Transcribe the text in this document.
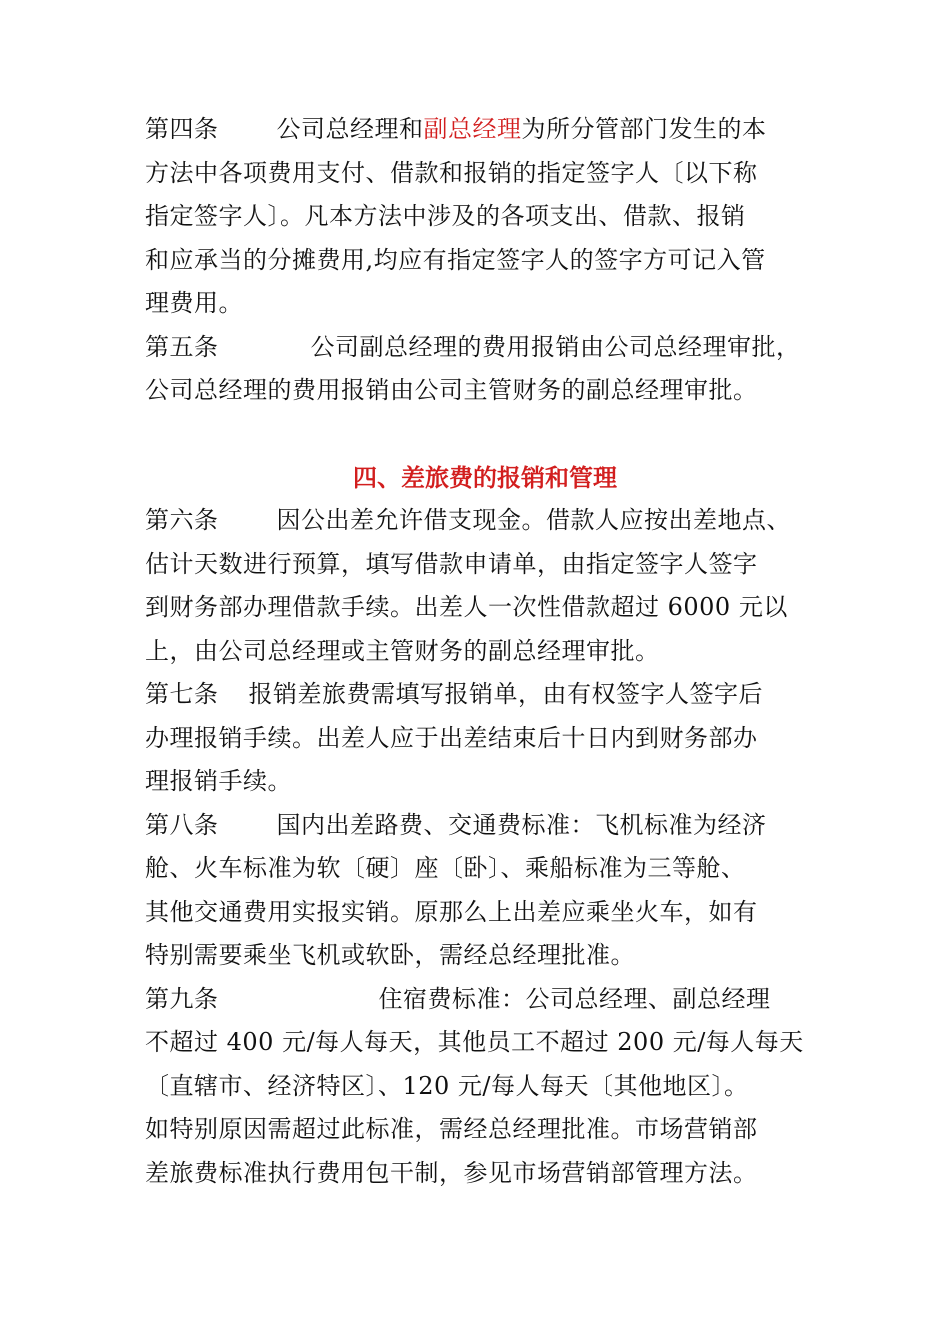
第四条 公司总经理和副总经理为所分管部门发生的本
方法中各项费用支付、借款和报销的指定签字人〔以下称
指定签字人〕。凡本方法中涉及的各项支出、借款、报销
和应承当的分摊费用,均应有指定签字人的签字方可记入管
理费用。
第五条	公司副总经理的费用报销由公司总经理审批，
公司总经理的费用报销由公司主管财务的副总经理审批。
四、差旅费的报销和管理
第六条 因公出差允许借支现金。借款人应按出差地点、
估计天数进行预算，填写借款申请单，由指定签字人签字
到财务部办理借款手续。出差人一次性借款超过 6000 元以
上，由公司总经理或主管财务的副总经理审批。
第七条 报销差旅费需填写报销单，由有权签字人签字后
办理报销手续。出差人应于出差结束后十日内到财务部办
理报销手续。
第八条 国内出差路费、交通费标准：飞机标准为经济
舱、火车标准为软〔硬〕座〔卧〕、乘船标准为三等舱、
其他交通费用实报实销。原那么上出差应乘坐火车，如有
特别需要乘坐飞机或软卧，需经总经理批准。
第九条	住宿费标准：公司总经理、副总经理
不超过 400 元/每人每天，其他员工不超过 200 元/每人每天
〔直辖市、经济特区〕、120 元/每人每天〔其他地区〕。
如特别原因需超过此标准，需经总经理批准。市场营销部
差旅费标准执行费用包干制，参见市场营销部管理方法。
